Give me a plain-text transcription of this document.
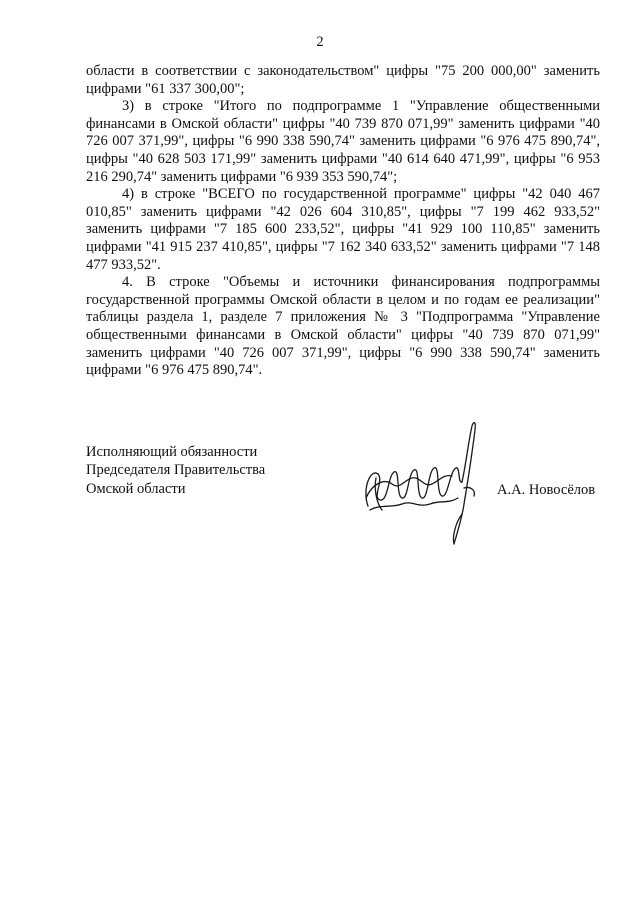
2

области в соответствии с законодательством" цифры "75 200 000,00" заменить цифрами "61 337 300,00";

3) в строке "Итого по подпрограмме 1 "Управление общественными финансами в Омской области" цифры "40 739 870 071,99" заменить цифрами "40 726 007 371,99", цифры "6 990 338 590,74" заменить цифрами "6 976 475 890,74", цифры "40 628 503 171,99" заменить цифрами "40 614 640 471,99", цифры "6 953 216 290,74" заменить цифрами "6 939 353 590,74";

4) в строке "ВСЕГО по государственной программе" цифры "42 040 467 010,85" заменить цифрами "42 026 604 310,85", цифры "7 199 462 933,52" заменить цифрами "7 185 600 233,52", цифры "41 929 100 110,85" заменить цифрами "41 915 237 410,85", цифры "7 162 340 633,52" заменить цифрами "7 148 477 933,52".

4. В строке "Объемы и источники финансирования подпрограммы государственной программы Омской области в целом и по годам ее реализации" таблицы раздела 1, разделе 7 приложения № 3 "Подпрограмма "Управление общественными финансами в Омской области" цифры "40 739 870 071,99" заменить цифрами "40 726 007 371,99", цифры "6 990 338 590,74" заменить цифрами "6 976 475 890,74".

Исполняющий обязанности
Председателя Правительства
Омской области	А.А. Новосёлов
